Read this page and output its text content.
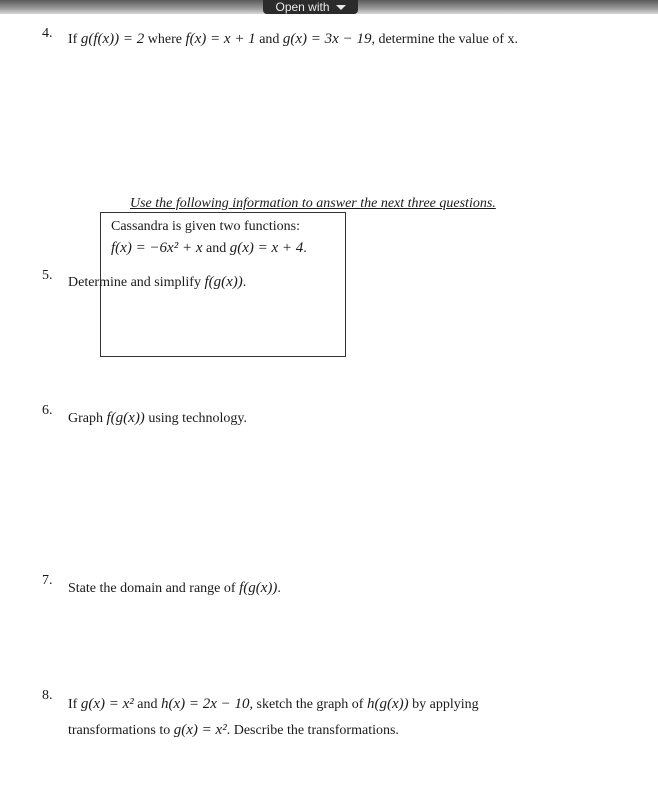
Open with
4. If g(f(x)) = 2 where f(x) = x + 1 and g(x) = 3x − 19, determine the value of x.
Use the following information to answer the next three questions.
Cassandra is given two functions:
f(x) = −6x² + x and g(x) = x + 4.
5. Determine and simplify f(g(x)).
6.
Graph f(g(x)) using technology.
7.
State the domain and range of f(g(x)).
8.
If g(x) = x² and h(x) = 2x − 10, sketch the graph of h(g(x)) by applying
transformations to g(x) = x². Describe the transformations.
